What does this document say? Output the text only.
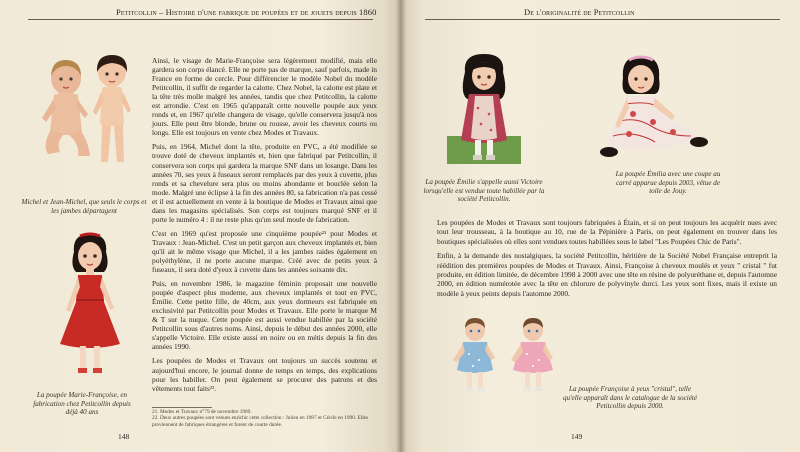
Petitcollin – Histoire d'une fabrique de poupées et de jouets depuis 1860
Michel et Jean-Michel, que seuls le corps et les jambes départagent
La poupée Marie-Françoise, en fabrication chez Petitcollin depuis déjà 40 ans

Ainsi, le visage de Marie-Françoise sera légèrement modifié, mais elle gardera son corps élancé. Elle ne porte pas de marque, sauf parfois, made in France en forme de cercle. Pour différencier le modèle Nobel du modèle Petitcollin, il suffit de regarder la calotte. Chez Nobel, la calotte est plate et la tête très molle malgré les années, tandis que chez Petitcollin, la calotte est arrondie. C'est en 1965 qu'apparaît cette nouvelle poupée aux yeux ronds et, en 1967 qu'elle changera de visage, qu'elle conservera jusqu'à nos jours. Elle peut être blonde, brune ou rousse, avoir les cheveux courts ou longs. Elle est toujours en vente chez Modes et Travaux.

Puis, en 1964, Michel dont la tête, produite en PVC, a été modifiée se trouve doté de cheveux implantés et, bien que fabriqué par Petitcollin, il conservera son corps qui gardera la marque SNF dans un losange. Dans les années 70, ses yeux à fuseaux seront remplacés par des yeux à cuvette, plus ronds et sa chevelure sera plus ou moins abondante et bouclée selon la mode. Malgré une éclipse à la fin des années 80, sa fabrication n'a pas cessé et il est actuellement en vente à la boutique de Modes et Travaux ainsi que dans les magasins spécialisés. Son corps est toujours marqué SNF et il porte le numéro 4 : il ne reste plus qu'un seul moule de fabrication.

C'est en 1969 qu'est proposée une cinquième poupée²¹ pour Modes et Travaux : Jean-Michel. C'est un petit garçon aux cheveux implantés et, bien qu'il ait le même visage que Michel, il a les jambes raides également en polyéthylène, il ne porte aucune marque. Créé avec de petits yeux à fuseaux, il sera doté d'yeux à cuvette dans les années soixante dix.

Puis, en novembre 1986, le magazine féminin proposait une nouvelle poupée d'aspect plus moderne, aux cheveux implantés et tout en PVC, Émilie. Cette petite fille, de 40cm, aux yeux dormeurs est fabriquée en exclusivité par Petitcollin pour Modes et Travaux. Elle porte le marque M & T sur la nuque. Cette poupée est aussi vendue habillée par la société Petitcollin sous d'autres noms. Ainsi, depuis le début des années 2000, elle s'appelle Victoire. Elle existe aussi en noire ou en métis depuis la fin des années 1990.

Les poupées de Modes et Travaux ont toujours un succès soutenu et aujourd'hui encore, le journal donne de temps en temps, des explications pour les habiller. On peut également se procurer des patrons et des vêtements tout faits²².

21. Modes et Travaux n°79 de novembre 1969.
22. Deux autres poupées sont venues enrichir cette collection : Julien en 1987 et Cécile en 1990. Elles proviennent de fabriques étrangères et furent de courte durée.
148
De l'originalité de Petitcollin
La poupée Émilie s'appelle aussi Victoire lorsqu'elle est vendue toute habillée par la société Petitcollin.
La poupée Émilia avec une coupe au carré apparue depuis 2003, vêtue de toile de Jouy.

Les poupées de Modes et Travaux sont toujours fabriquées à Étain, et si on peut toujours les acquérir nues avec tout leur trousseau, à la boutique au 10, rue de la Pépinière à Paris, on peut également en trouver dans les boutiques spécialisées où elles sont vendues toutes habillées sous le label "Les Poupées Chic de Paris".

Enfin, à la demande des nostalgiques, la société Petitcollin, héritière de la Société Nobel Française entreprit la réédition des premières poupées de Modes et Travaux. Ainsi, Françoise à cheveux moulés et yeux " cristal " fut produite, en édition limitée, de décembre 1998 à 2000 avec une tête en résine de polyuréthane et, depuis l'automne 2000, en édition numérotée avec la tête en chlorure de polyvinyle durci. Les yeux sont fixes, mais il existe un modèle à yeux peints depuis l'automne 2000.

La poupée Françoise à yeux "cristal", telle qu'elle apparaît dans le catalogue de la société Petitcollin depuis 2000.
149
